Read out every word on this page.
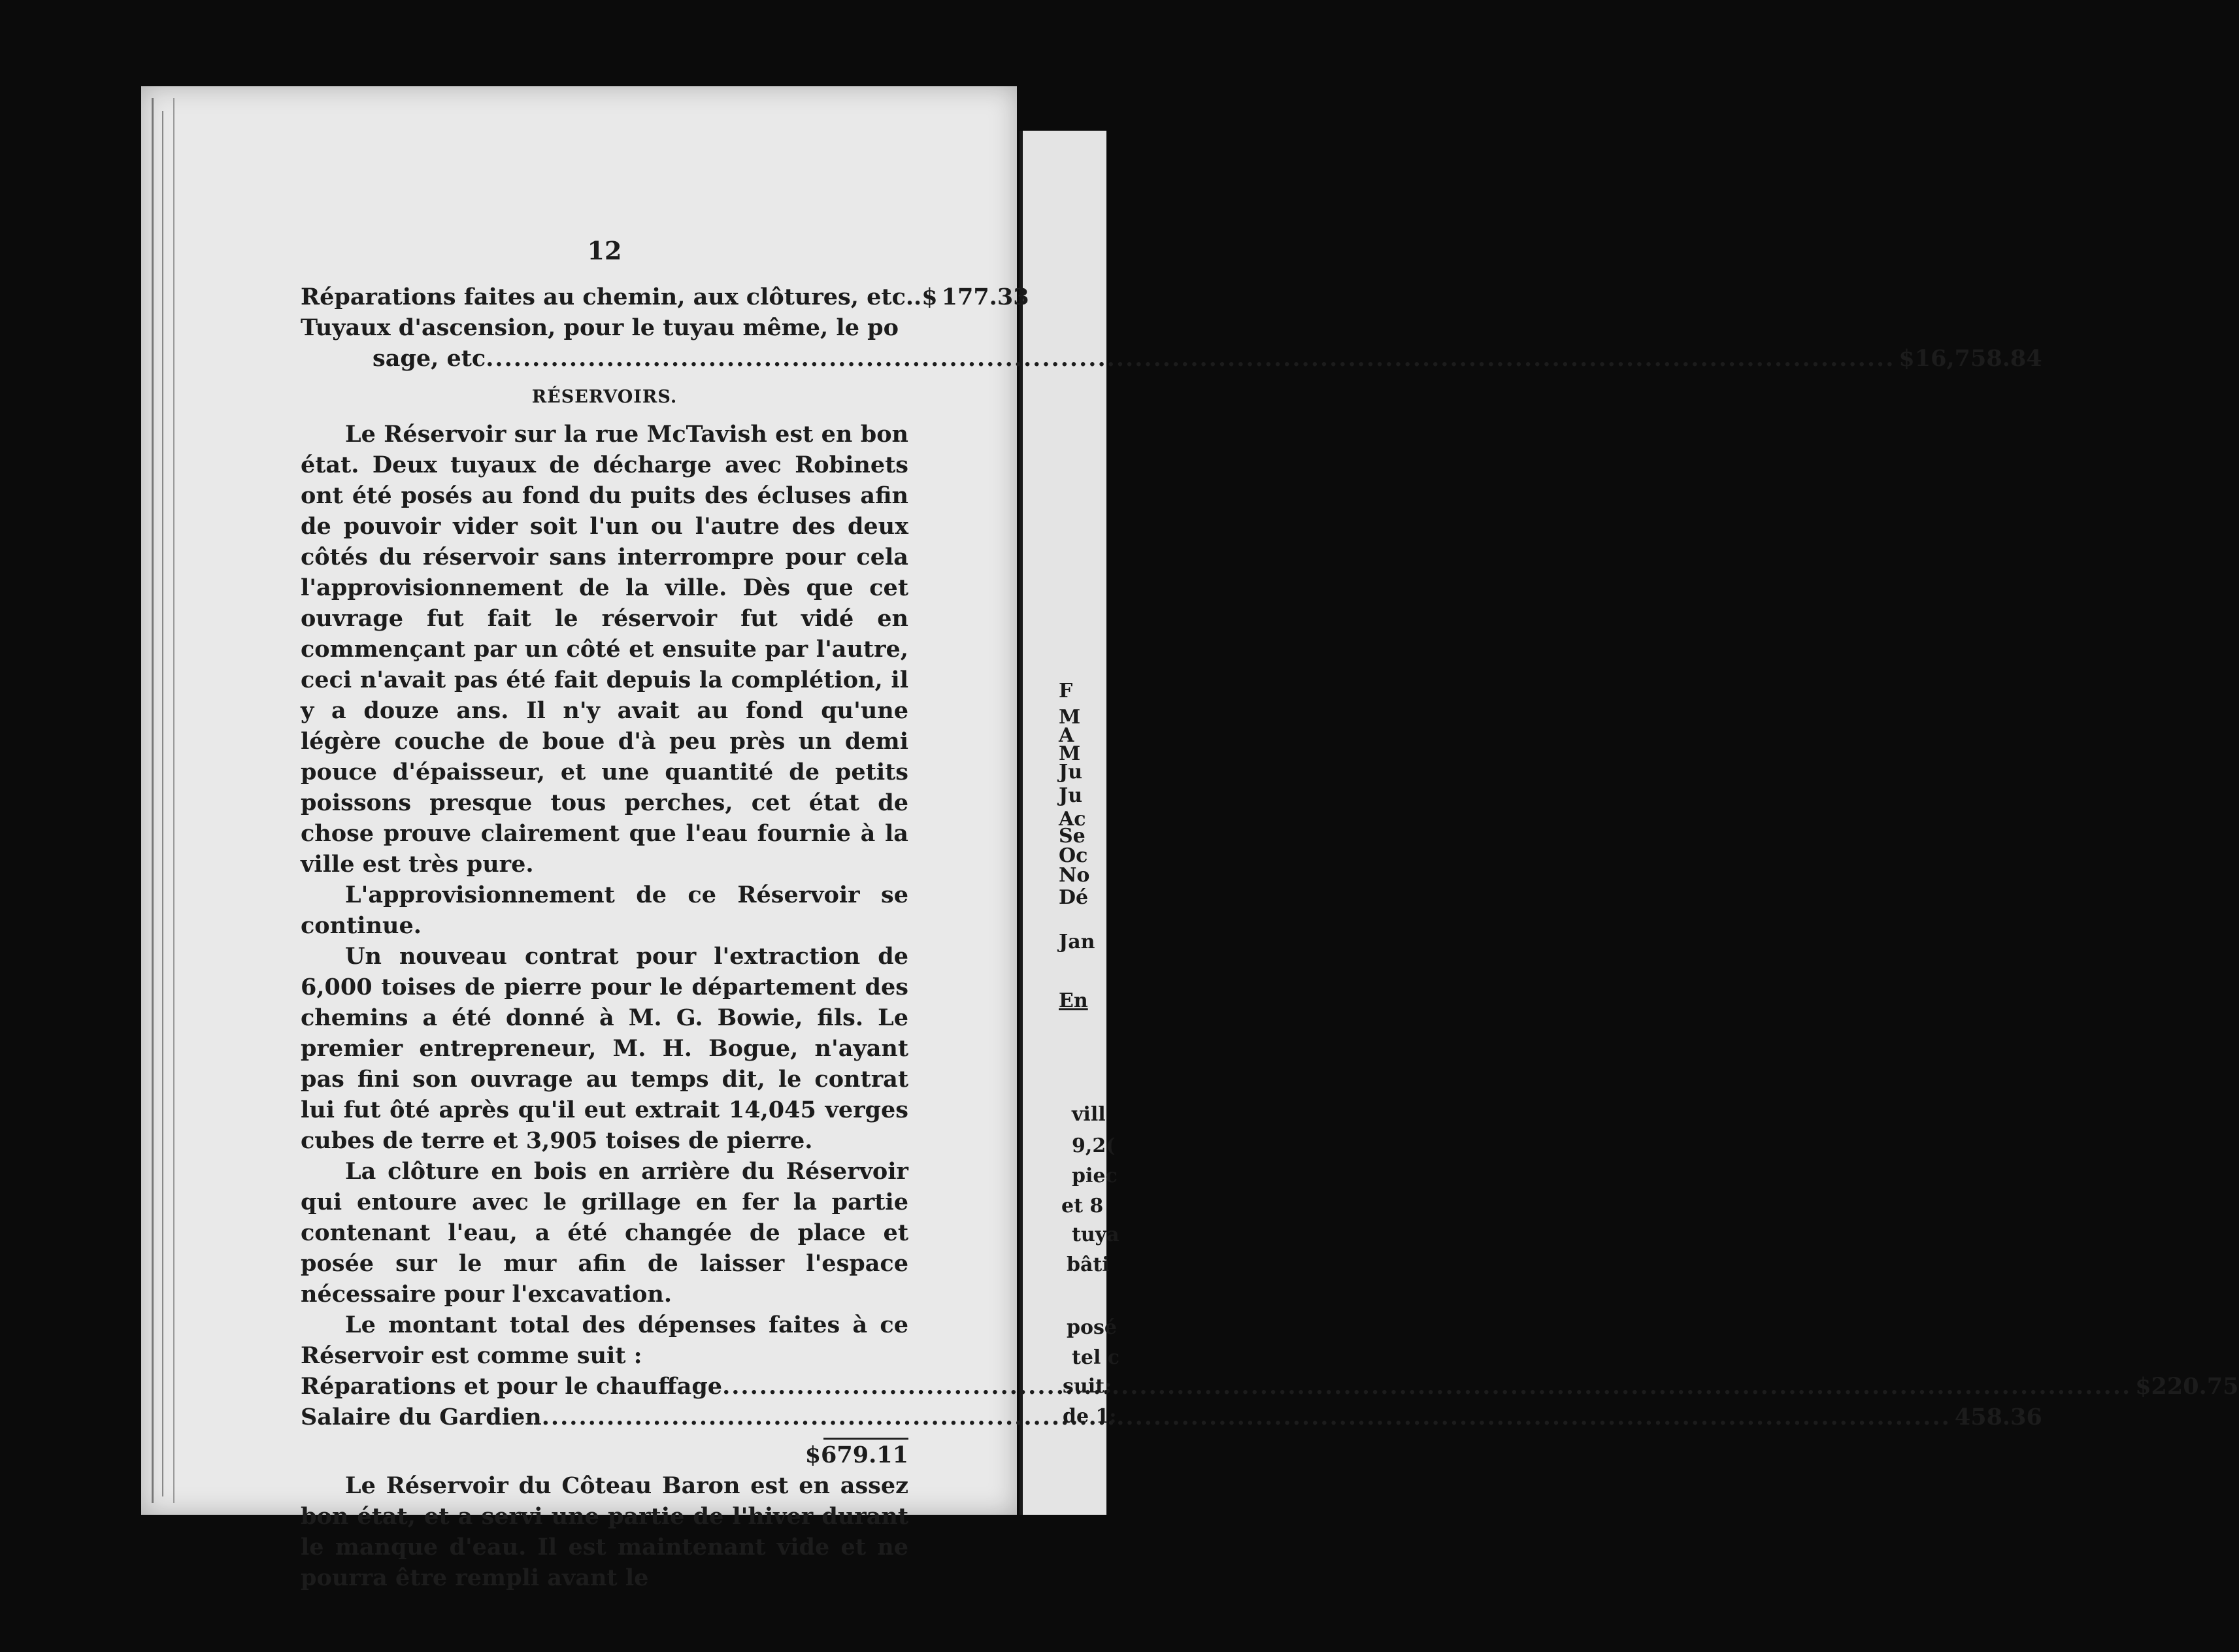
12
Réparations faites au chemin, aux clôtures, etc..$ 177.33
Tuyaux d'ascension, pour le tuyau même, le po
sage, etc .....	$16,758.84
RÉSERVOIRS.

Le Réservoir sur la rue McTavish est en bon état. Deux tuyaux de décharge avec Robinets ont été posés au fond du puits des écluses afin de pouvoir vider soit l'un ou l'autre des deux côtés du réservoir sans interrompre pour cela l'approvisionnement de la ville. Dès que cet ouvrage fut fait le réservoir fut vidé en commençant par un côté et ensuite par l'autre, ceci n'avait pas été fait depuis la complétion, il y a douze ans. Il n'y avait au fond qu'une légère couche de boue d'à peu près un demi pouce d'épaisseur, et une quantité de petits poissons presque tous perches, cet état de chose prouve clairement que l'eau fournie à la ville est très pure.

L'approvisionnement de ce Réservoir se continue.

Un nouveau contrat pour l'extraction de 6,000 toises de pierre pour le département des chemins a été donné à M. G. Bowie, fils. Le premier entrepreneur, M. H. Bogue, n'ayant pas fini son ouvrage au temps dit, le contrat lui fut ôté après qu'il eut extrait 14,045 verges cubes de terre et 3,905 toises de pierre.

La clôture en bois en arrière du Réservoir qui entoure avec le grillage en fer la partie contenant l'eau, a été changée de place et posée sur le mur afin de laisser l'espace nécessaire pour l'excavation.

Le montant total des dépenses faites à ce Réservoir est comme suit :

Réparations et pour le chauffage .....	$220.75
Salaire du Gardien .....	458.36
$679.11

Le Réservoir du Côteau Baron est en assez bon état, et a servi une partie de l'hiver durant le manque d'eau. Il est maintenant vide et ne pourra être rempli avant le

F
M
A
M
Ju
Ju
Ac
Se
Oc
No
Dé
Jan
En
vill
9,2(
piec
et 8
tuya
bâti
posé
tel c
suit:
de 1:
